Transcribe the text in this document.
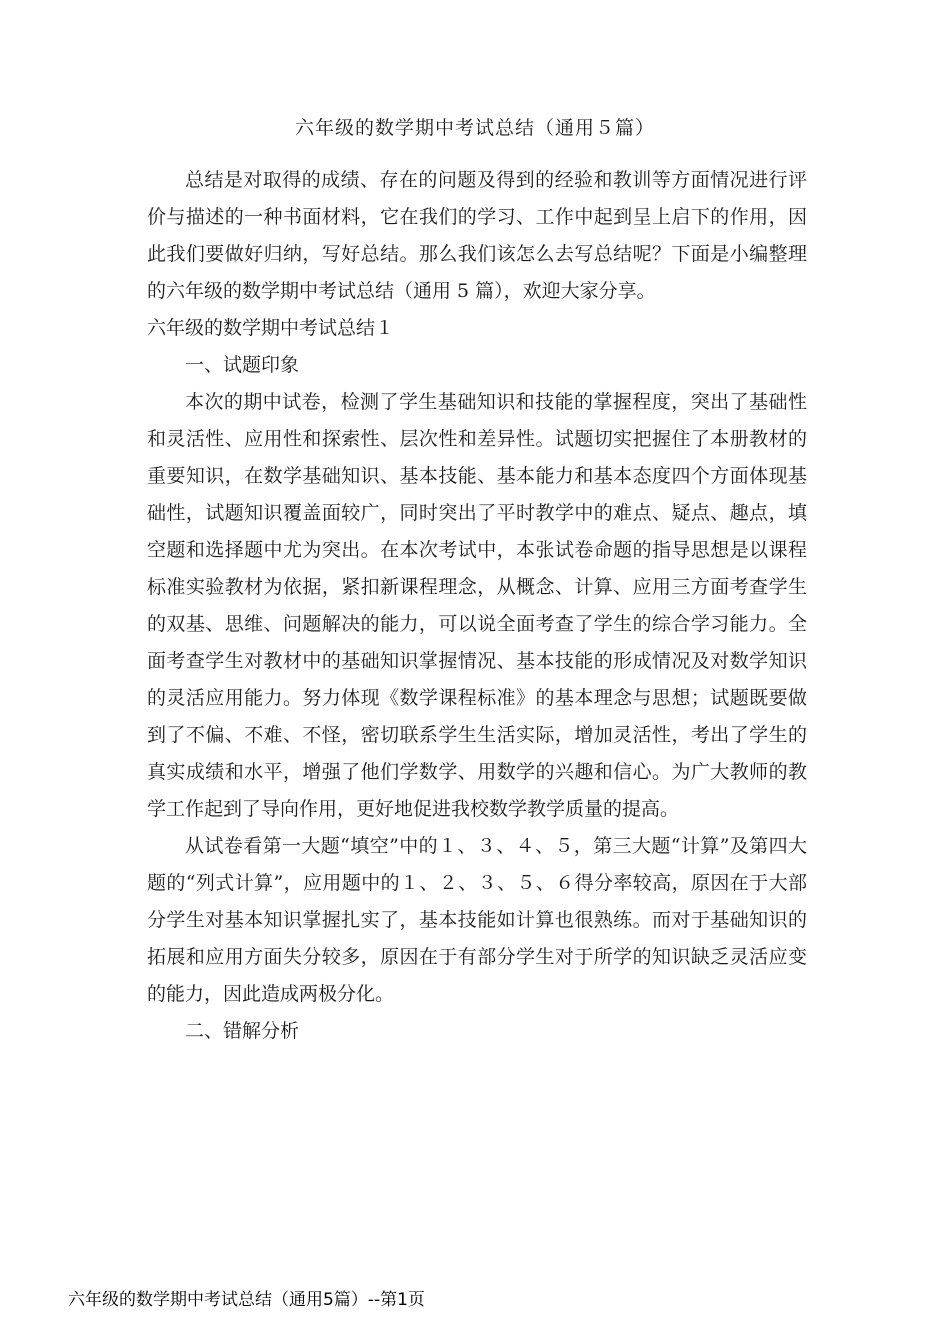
六年级的数学期中考试总结（通用５篇）

总结是对取得的成绩、存在的问题及得到的经验和教训等方面情况进行评价与描述的一种书面材料，它在我们的学习、工作中起到呈上启下的作用，因此我们要做好归纳，写好总结。那么我们该怎么去写总结呢？下面是小编整理的六年级的数学期中考试总结（通用 5 篇），欢迎大家分享。

六年级的数学期中考试总结１

一、试题印象

本次的期中试卷，检测了学生基础知识和技能的掌握程度，突出了基础性和灵活性、应用性和探索性、层次性和差异性。试题切实把握住了本册教材的重要知识，在数学基础知识、基本技能、基本能力和基本态度四个方面体现基础性，试题知识覆盖面较广，同时突出了平时教学中的难点、疑点、趣点，填空题和选择题中尤为突出。在本次考试中，本张试卷命题的指导思想是以课程标准实验教材为依据，紧扣新课程理念，从概念、计算、应用三方面考查学生的双基、思维、问题解决的能力，可以说全面考查了学生的综合学习能力。全面考查学生对教材中的基础知识掌握情况、基本技能的形成情况及对数学知识的灵活应用能力。努力体现《数学课程标准》的基本理念与思想；试题既要做到了不偏、不难、不怪，密切联系学生生活实际，增加灵活性，考出了学生的真实成绩和水平，增强了他们学数学、用数学的兴趣和信心。为广大教师的教学工作起到了导向作用，更好地促进我校数学教学质量的提高。

从试卷看第一大题“填空”中的１、３、４、５，第三大题“计算”及第四大题的“列式计算”，应用题中的１、２、３、５、６得分率较高，原因在于大部分学生对基本知识掌握扎实了，基本技能如计算也很熟练。而对于基础知识的拓展和应用方面失分较多，原因在于有部分学生对于所学的知识缺乏灵活应变的能力，因此造成两极分化。

二、错解分析

六年级的数学期中考试总结（通用5篇）--第1页
